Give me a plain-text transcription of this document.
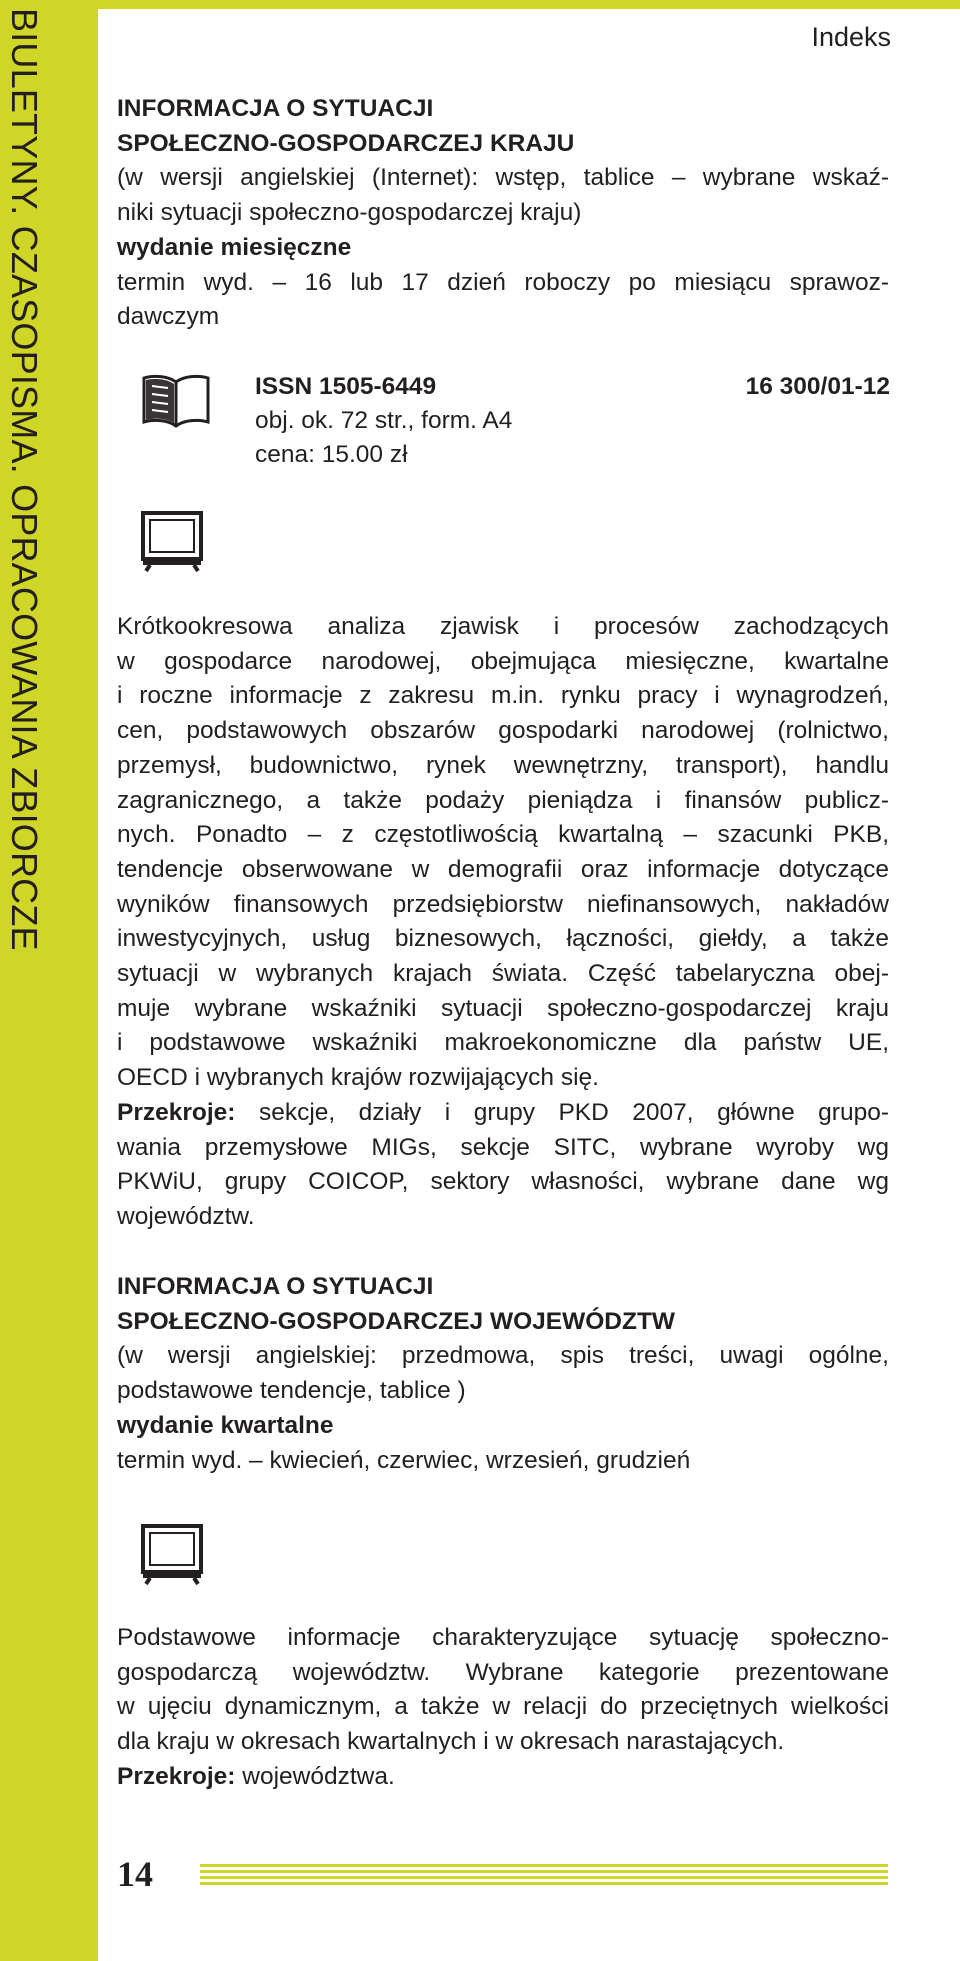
BIULETYNY. CZASOPISMA. OPRACOWANIA ZBIORCZE	Indeks
INFORMACJA O SYTUACJI
SPOŁECZNO-GOSPODARCZEJ KRAJU
(w wersji angielskiej (Internet): wstęp, tablice – wybrane wskaź-
niki sytuacji społeczno-gospodarczej kraju)
wydanie miesięczne
termin wyd. – 16 lub 17 dzień roboczy po miesiącu sprawoz-
dawczym
ISSN 1505-6449	16 300/01-12
obj. ok. 72 str., form. A4
cena: 15.00 zł
Krótkookresowa analiza zjawisk i procesów zachodzących
w gospodarce narodowej, obejmująca miesięczne, kwartalne
i roczne informacje z zakresu m.in. rynku pracy i wynagrodzeń,
cen, podstawowych obszarów gospodarki narodowej (rolnictwo,
przemysł, budownictwo, rynek wewnętrzny, transport), handlu
zagranicznego, a także podaży pieniądza i finansów publicz-
nych. Ponadto – z częstotliwością kwartalną – szacunki PKB,
tendencje obserwowane w demografii oraz informacje dotyczące
wyników finansowych przedsiębiorstw niefinansowych, nakładów
inwestycyjnych, usług biznesowych, łączności, giełdy, a także
sytuacji w wybranych krajach świata. Część tabelaryczna obej-
muje wybrane wskaźniki sytuacji społeczno-gospodarczej kraju
i podstawowe wskaźniki makroekonomiczne dla państw UE,
OECD i wybranych krajów rozwijających się.
Przekroje: sekcje, działy i grupy PKD 2007, główne grupo-
wania przemysłowe MIGs, sekcje SITC, wybrane wyroby wg
PKWiU, grupy COICOP, sektory własności, wybrane dane wg
województw.
INFORMACJA O SYTUACJI
SPOŁECZNO-GOSPODARCZEJ WOJEWÓDZTW
(w wersji angielskiej: przedmowa, spis treści, uwagi ogólne,
podstawowe tendencje, tablice )
wydanie kwartalne
termin wyd. – kwiecień, czerwiec, wrzesień, grudzień
Podstawowe informacje charakteryzujące sytuację społeczno-
gospodarczą województw. Wybrane kategorie prezentowane
w ujęciu dynamicznym, a także w relacji do przeciętnych wielkości
dla kraju w okresach kwartalnych i w okresach narastających.
Przekroje: województwa.
14
